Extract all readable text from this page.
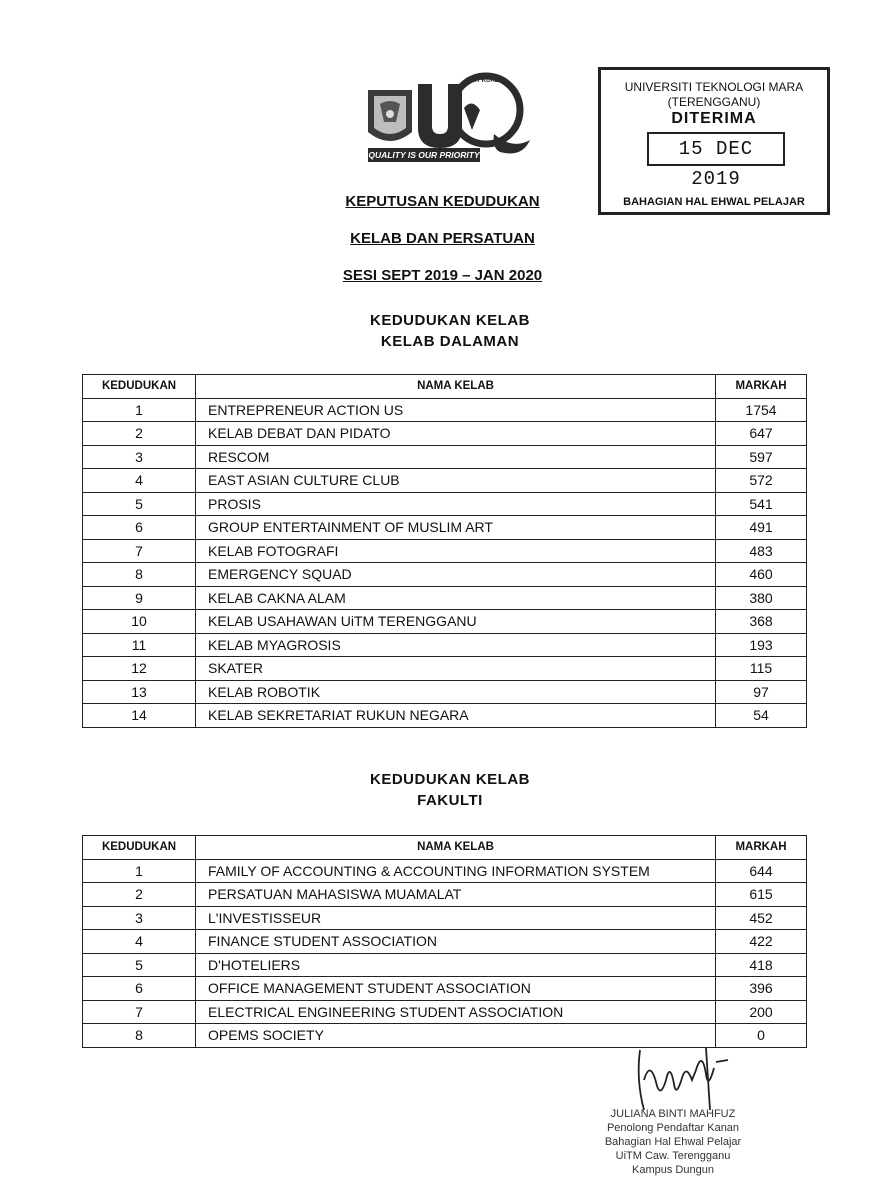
UNIT KUALITI
QUALITY IS OUR PRIORITY
UNIVERSITI TEKNOLOGI MARA
(TERENGGANU)
DITERIMA
15 DEC 2019
BAHAGIAN HAL EHWAL PELAJAR
KEPUTUSAN KEDUDUKAN
KELAB DAN PERSATUAN
SESI SEPT 2019 – JAN 2020
KEDUDUKAN KELAB
KELAB DALAMAN
KEDUDUKAN	NAMA KELAB	MARKAH
1	ENTREPRENEUR ACTION US	1754
2	KELAB DEBAT DAN PIDATO	647
3	RESCOM	597
4	EAST ASIAN CULTURE CLUB	572
5	PROSIS	541
6	GROUP ENTERTAINMENT OF MUSLIM ART	491
7	KELAB FOTOGRAFI	483
8	EMERGENCY SQUAD	460
9	KELAB CAKNA ALAM	380
10	KELAB USAHAWAN UiTM TERENGGANU	368
11	KELAB MYAGROSIS	193
12	SKATER	115
13	KELAB ROBOTIK	97
14	KELAB SEKRETARIAT RUKUN NEGARA	54
KEDUDUKAN KELAB
FAKULTI
KEDUDUKAN	NAMA KELAB	MARKAH
1	FAMILY OF ACCOUNTING & ACCOUNTING INFORMATION SYSTEM	644
2	PERSATUAN MAHASISWA MUAMALAT	615
3	L'INVESTISSEUR	452
4	FINANCE STUDENT ASSOCIATION	422
5	D'HOTELIERS	418
6	OFFICE MANAGEMENT STUDENT ASSOCIATION	396
7	ELECTRICAL ENGINEERING STUDENT ASSOCIATION	200
8	OPEMS SOCIETY	0
JULIANA BINTI MAHFUZ
Penolong Pendaftar Kanan
Bahagian Hal Ehwal Pelajar
UiTM Caw. Terengganu
Kampus Dungun
